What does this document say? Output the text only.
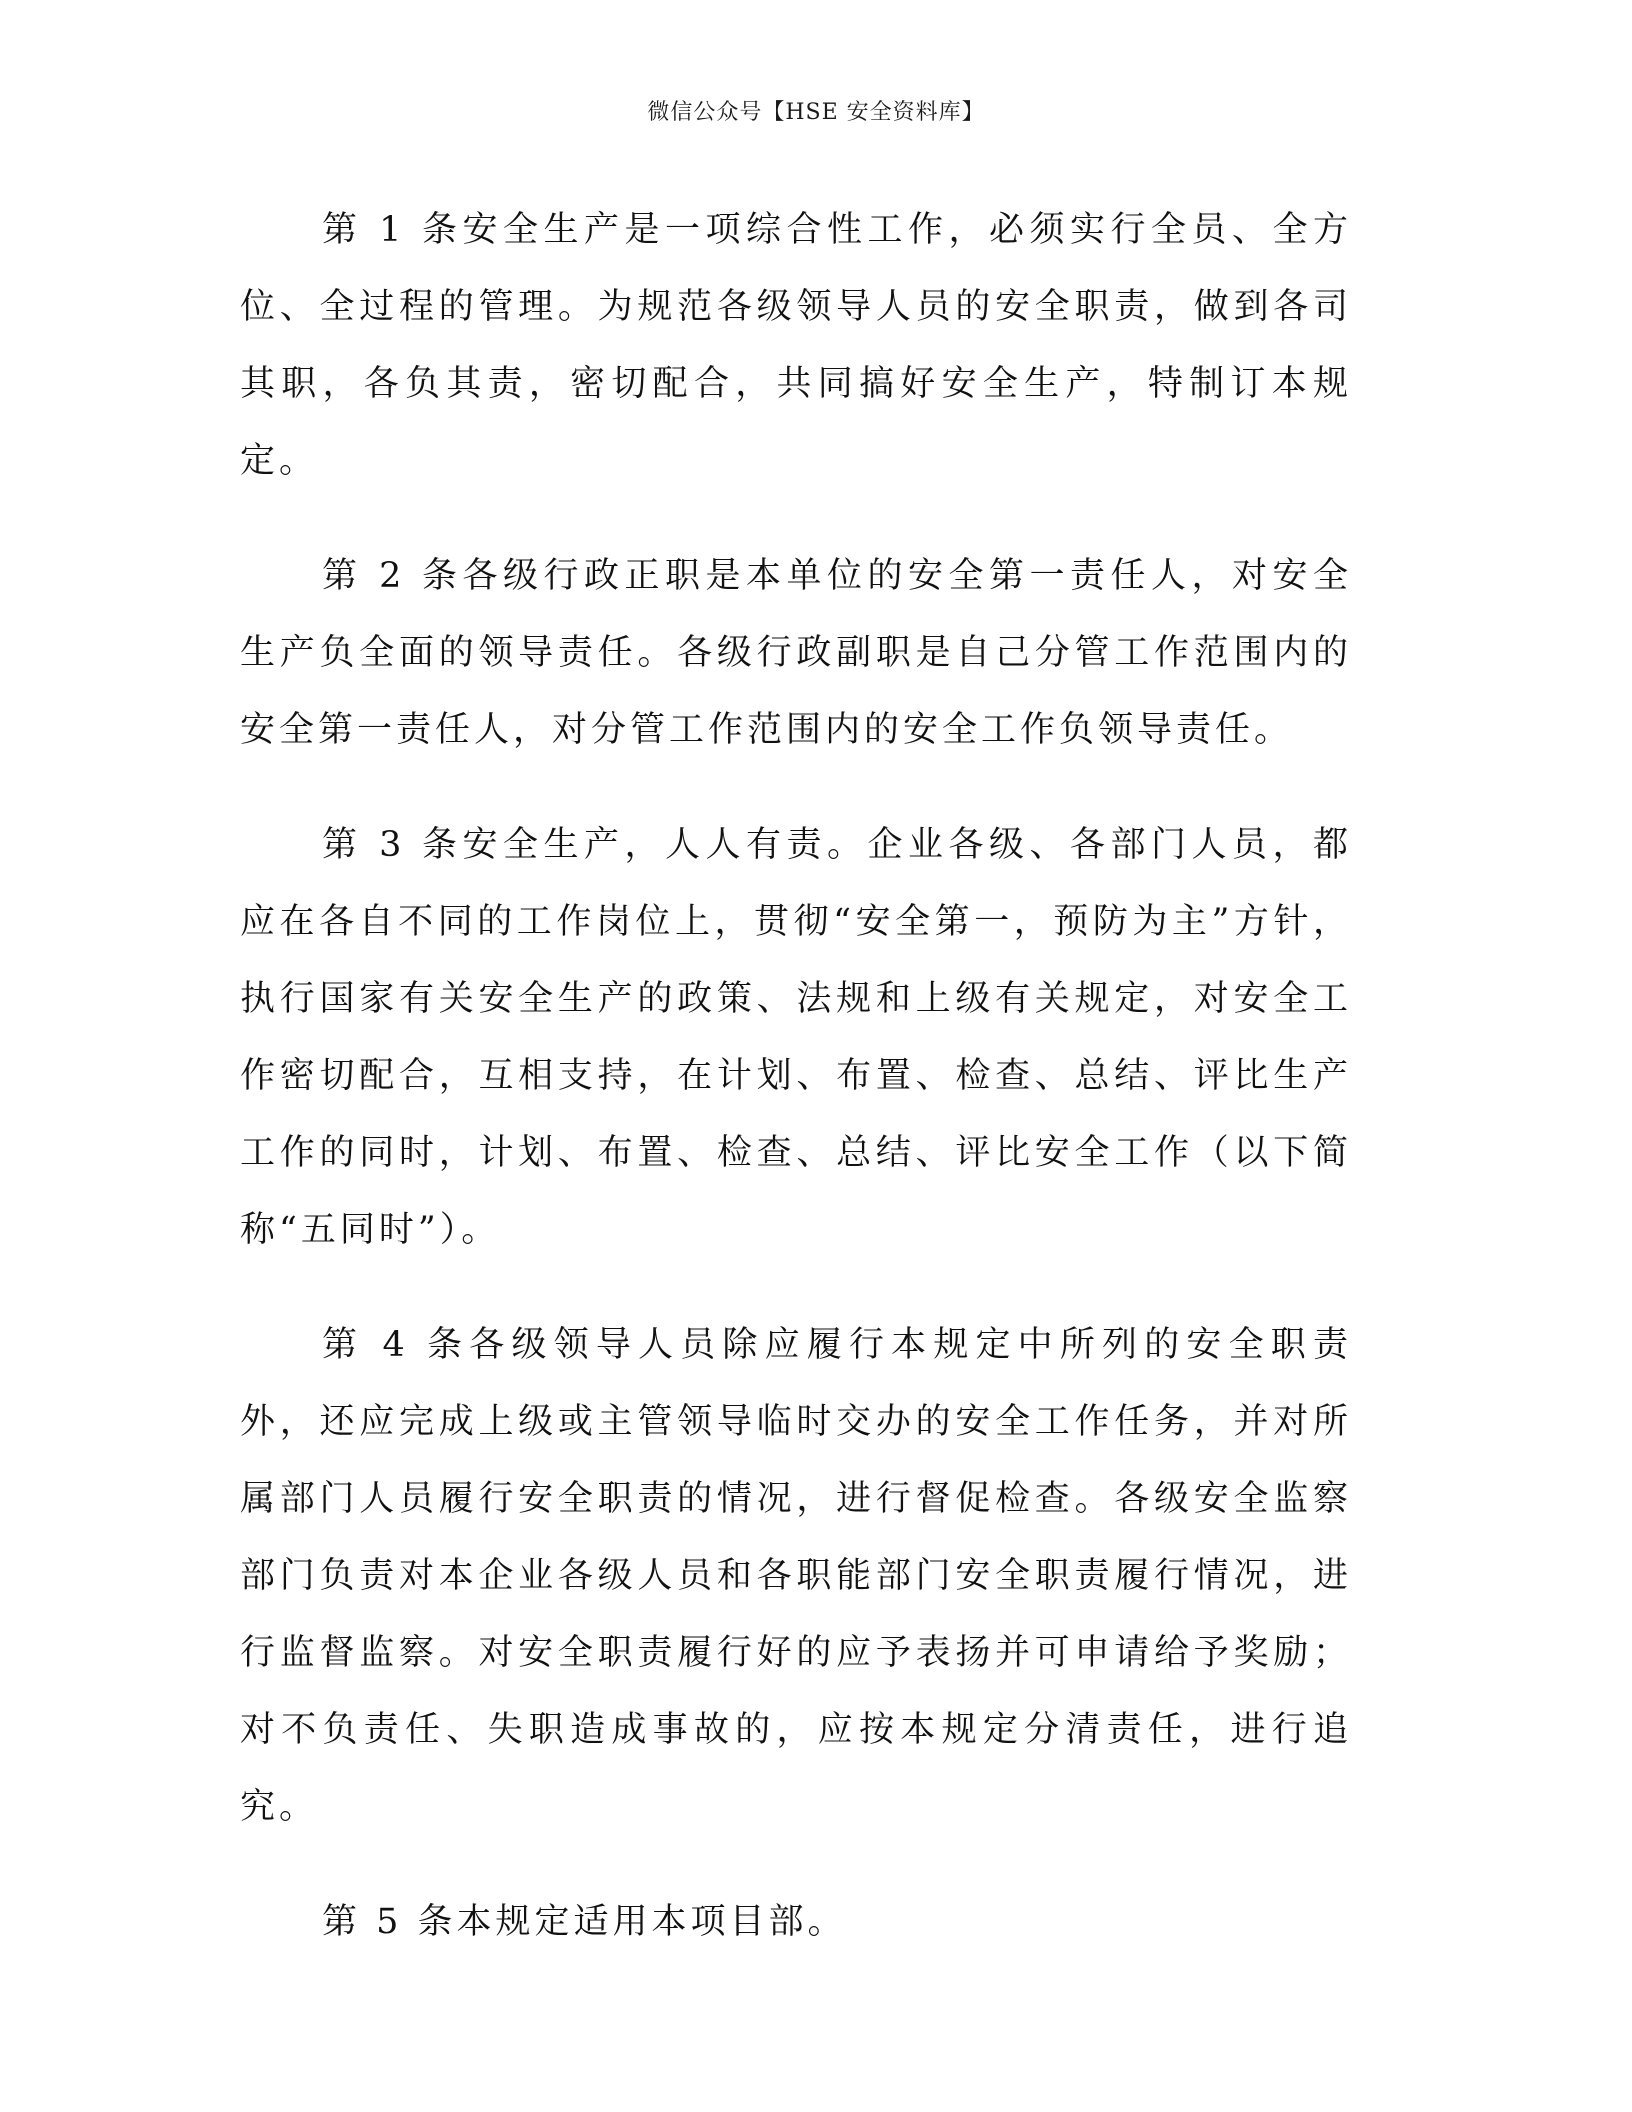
微信公众号【HSE 安全资料库】

第 1 条安全生产是一项综合性工作，必须实行全员、全方位、全过程的管理。为规范各级领导人员的安全职责，做到各司其职，各负其责，密切配合，共同搞好安全生产，特制订本规定。

第 2 条各级行政正职是本单位的安全第一责任人，对安全生产负全面的领导责任。各级行政副职是自己分管工作范围内的安全第一责任人，对分管工作范围内的安全工作负领导责任。

第 3 条安全生产，人人有责。企业各级、各部门人员，都应在各自不同的工作岗位上，贯彻“安全第一，预防为主”方针，执行国家有关安全生产的政策、法规和上级有关规定，对安全工作密切配合，互相支持，在计划、布置、检查、总结、评比生产工作的同时，计划、布置、检查、总结、评比安全工作（以下简称“五同时”）。

第 4 条各级领导人员除应履行本规定中所列的安全职责外，还应完成上级或主管领导临时交办的安全工作任务，并对所属部门人员履行安全职责的情况，进行督促检查。各级安全监察部门负责对本企业各级人员和各职能部门安全职责履行情况，进行监督监察。对安全职责履行好的应予表扬并可申请给予奖励；对不负责任、失职造成事故的，应按本规定分清责任，进行追究。

第 5 条本规定适用本项目部。
